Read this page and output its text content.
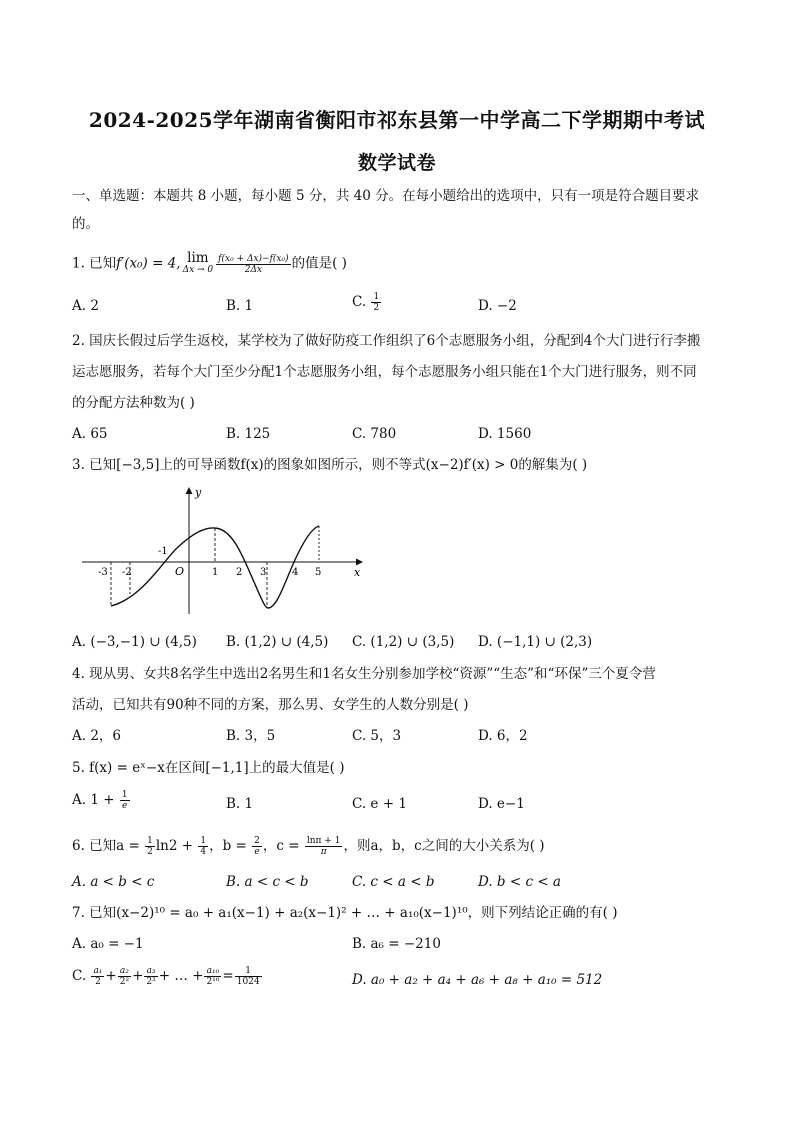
2024-2025学年湖南省衡阳市祁东县第一中学高二下学期期中考试
数学试卷
一、单选题：本题共 8 小题，每小题 5 分，共 40 分。在每小题给出的选项中，只有一项是符合题目要求
的。
1. 已知f′(x₀) = 4, lim
$\Delta x \to 0 \frac{\text{f(x₀ + Δx)−f(x₀)}}{2\Delta x}$ 的值是( )
A. 2	B. 1	C. $\frac{1}{2}$	D. −2
2. 国庆长假过后学生返校，某学校为了做好防疫工作组织了6个志愿服务小组，分配到4个大门进行行李搬
运志愿服务，若每个大门至少分配1个志愿服务小组，每个志愿服务小组只能在1个大门进行服务，则不同
的分配方法种数为( )
A. 65	B. 125	C. 780	D. 1560
3. 已知[−3,5]上的可导函数f(x)的图象如图所示，则不等式(x−2)f′(x) > 0的解集为( )
y
x
O
-3 -2
-1
1 2 3	4 5
A. (−3,−1) ∪ (4,5) B. (1,2) ∪ (4,5) C. (1,2) ∪ (3,5) D. (−1,1) ∪ (2,3)
4. 现从男、女共8名学生中选出2名男生和1名女生分别参加学校“资源”“生态”和“环保”三个夏令营
活动，已知共有90种不同的方案，那么男、女学生的人数分别是( )
A. 2，6	B. 3，5	C. 5，3	D. 6，2
5. f(x) = eˣ−x在区间[−1,1]上的最大值是( )
A. $1 + \frac{1}{e}$	B. 1	C. e + 1	D. e−1
6. 已知$a = \frac{1}{2} \ln 2 + \frac{1}{4}$ ，$b = \frac{2}{e}$ ，$c = \frac{\ln\pi + 1}{\pi}$ ，则a，b，c之间的大小关系为( )
A. a < b < c	B. a < c < b	C. c < a < b	D. b < c < a
7. 已知(x−2)¹⁰ = a₀ + a₁(x−1) + a₂(x−1)² + … + a₁₀(x−1)¹⁰，则下列结论正确的有( )
A. a₀ = −1	B. a₆ = −210
C. $\frac{\text{a₁}}{2} + \frac{\text{a₂}}{\text{2²}} + \frac{\text{a₃}}{\text{2³}}$ + … + $\frac{\text{a₁₀}}{\text{2¹⁰}} = \frac{1}{1024}$	D. a₀ + a₂ + a₄ + a₆ + a₈ + a₁₀ = 512
